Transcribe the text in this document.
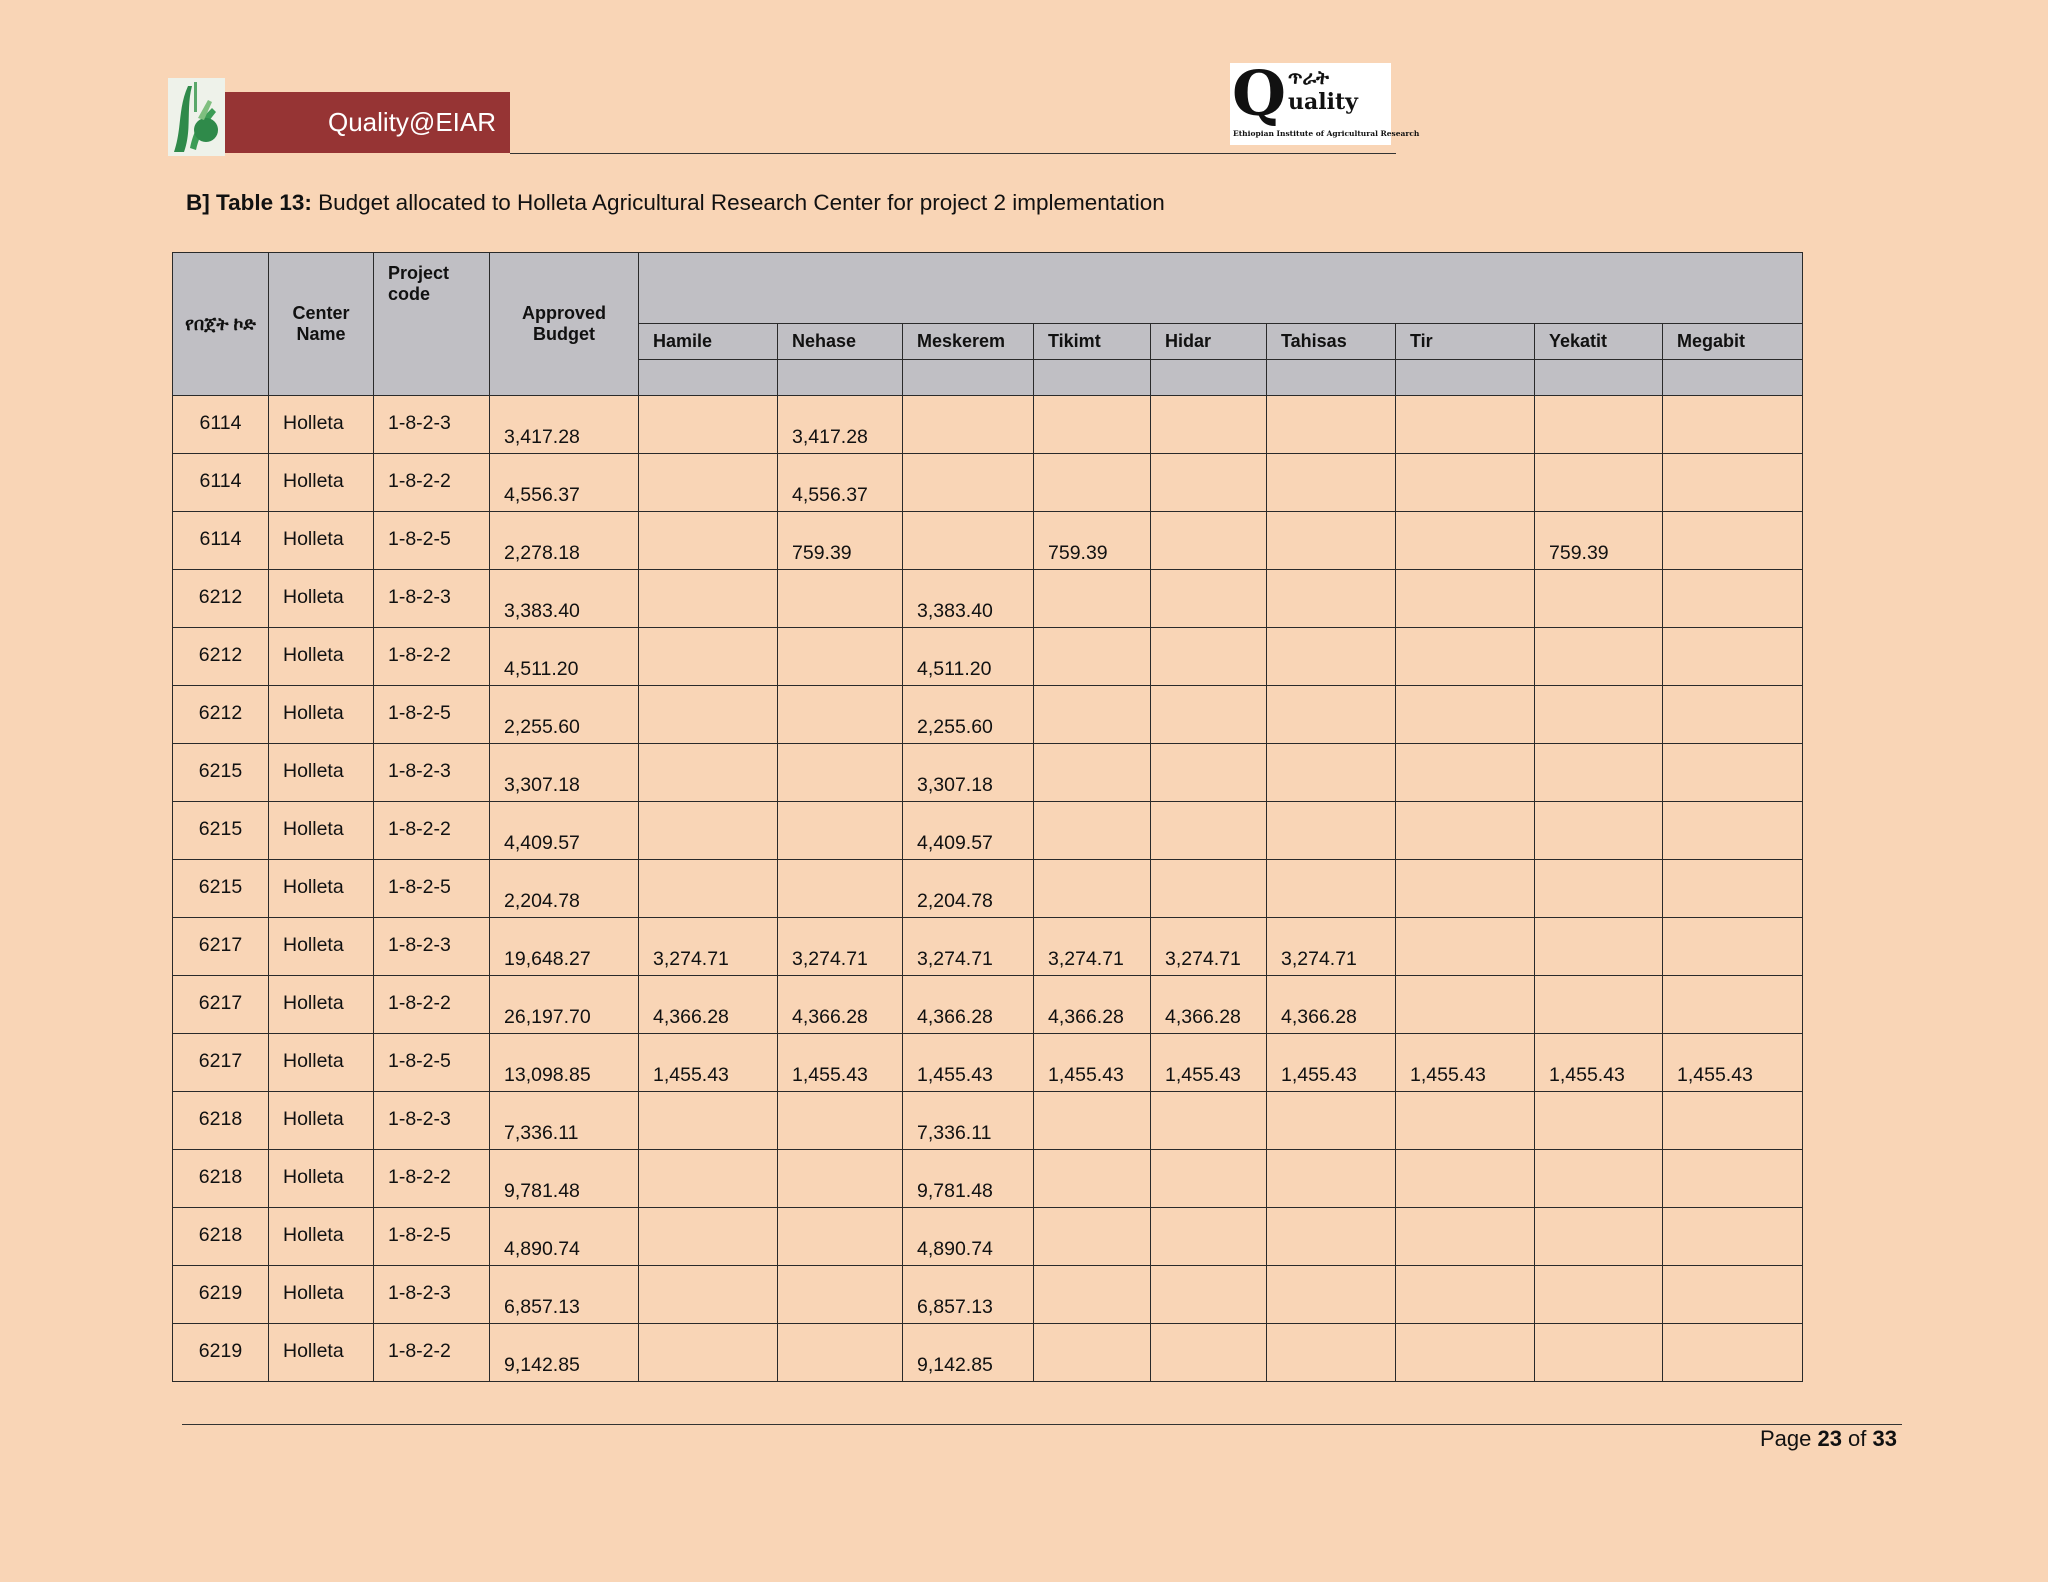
Quality@EIAR	Q ጥራት
uality
Ethiopian Institute of Agricultural Research
B] Table 13: Budget allocated to Holleta Agricultural Research Center for project 2 implementation
የበጀት ኮድ	Center Name	Project code	Approved Budget									
				Hamile	Nehase	Meskerem	Tikimt	Hidar	Tahisas	Tir	Yekatit	Megabit

6114	Holleta	1-8-2-3	3,417.28		3,417.28							
6114	Holleta	1-8-2-2	4,556.37		4,556.37							
6114	Holleta	1-8-2-5	2,278.18		759.39		759.39				759.39	
6212	Holleta	1-8-2-3	3,383.40			3,383.40						
6212	Holleta	1-8-2-2	4,511.20			4,511.20						
6212	Holleta	1-8-2-5	2,255.60			2,255.60						
6215	Holleta	1-8-2-3	3,307.18			3,307.18						
6215	Holleta	1-8-2-2	4,409.57			4,409.57						
6215	Holleta	1-8-2-5	2,204.78			2,204.78						
6217	Holleta	1-8-2-3	19,648.27	3,274.71	3,274.71	3,274.71	3,274.71	3,274.71	3,274.71			
6217	Holleta	1-8-2-2	26,197.70	4,366.28	4,366.28	4,366.28	4,366.28	4,366.28	4,366.28			
6217	Holleta	1-8-2-5	13,098.85	1,455.43	1,455.43	1,455.43	1,455.43	1,455.43	1,455.43	1,455.43	1,455.43	1,455.43
6218	Holleta	1-8-2-3	7,336.11			7,336.11						
6218	Holleta	1-8-2-2	9,781.48			9,781.48						
6218	Holleta	1-8-2-5	4,890.74			4,890.74						
6219	Holleta	1-8-2-3	6,857.13			6,857.13						
6219	Holleta	1-8-2-2	9,142.85			9,142.85						
Page 23 of 33
